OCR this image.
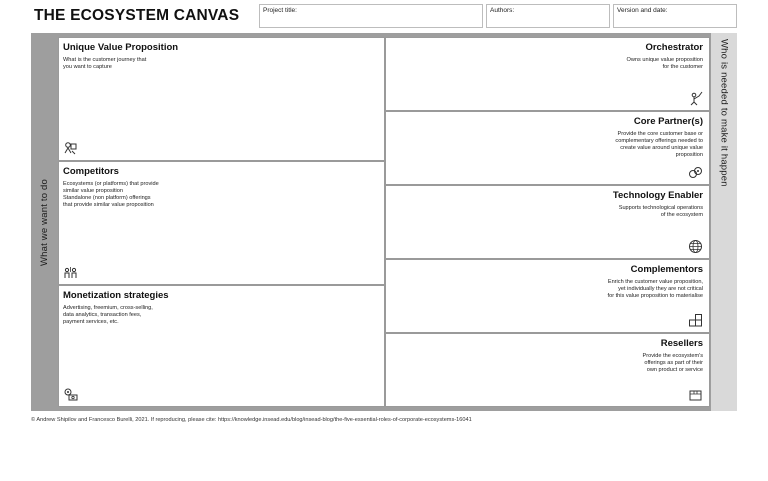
THE ECOSYSTEM CANVAS	Project title:	Authors:	Version and date:
What we want to do
Unique Value Proposition
What is the customer journey that
you want to capture
Competitors
Ecosystems (or platforms) that provide
similar value proposition
Standalone (non platform) offerings
that provide similar value proposition
Monetization strategies
Advertising, freemium, cross-selling,
data analytics, transaction fees,
payment services, etc.
Orchestrator
Owns unique value proposition
for the customer
Core Partner(s)
Provide the core customer base or
complementary offerings needed to
create value around unique value
proposition
Technology Enabler
Supports technological operations
of the ecosystem
Complementors
Enrich the customer value proposition,
yet individually they are not critical
for this value proposition to materialise
Resellers
Provide the ecosystem's
offerings as part of their
own product or service
Who is needed to make it happen
© Andrew Shipilov and Francesco Burelli, 2021. If reproducing, please cite: https://knowledge.insead.edu/blog/insead-blog/the-five-essential-roles-of-corporate-ecosystems-16041
